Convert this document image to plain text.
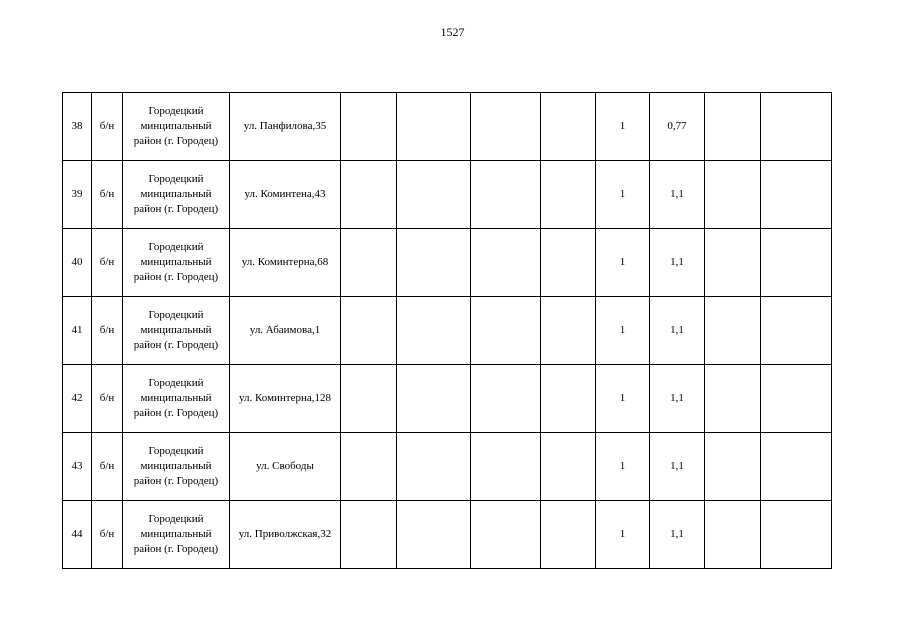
1527
38	б/н	Городецкий
минципальный
район (г. Городец)	ул. Панфилова,35					1	0,77		
39	б/н	Городецкий
минципальный
район (г. Городец)	ул. Коминтена,43					1	1,1		
40	б/н	Городецкий
минципальный
район (г. Городец)	ул. Коминтерна,68					1	1,1		
41	б/н	Городецкий
минципальный
район (г. Городец)	ул. Абаимова,1					1	1,1		
42	б/н	Городецкий
минципальный
район (г. Городец)	ул. Коминтерна,128					1	1,1		
43	б/н	Городецкий
минципальный
район (г. Городец)	ул. Свободы					1	1,1		
44	б/н	Городецкий
минципальный
район (г. Городец)	ул. Приволжская,32					1	1,1		
